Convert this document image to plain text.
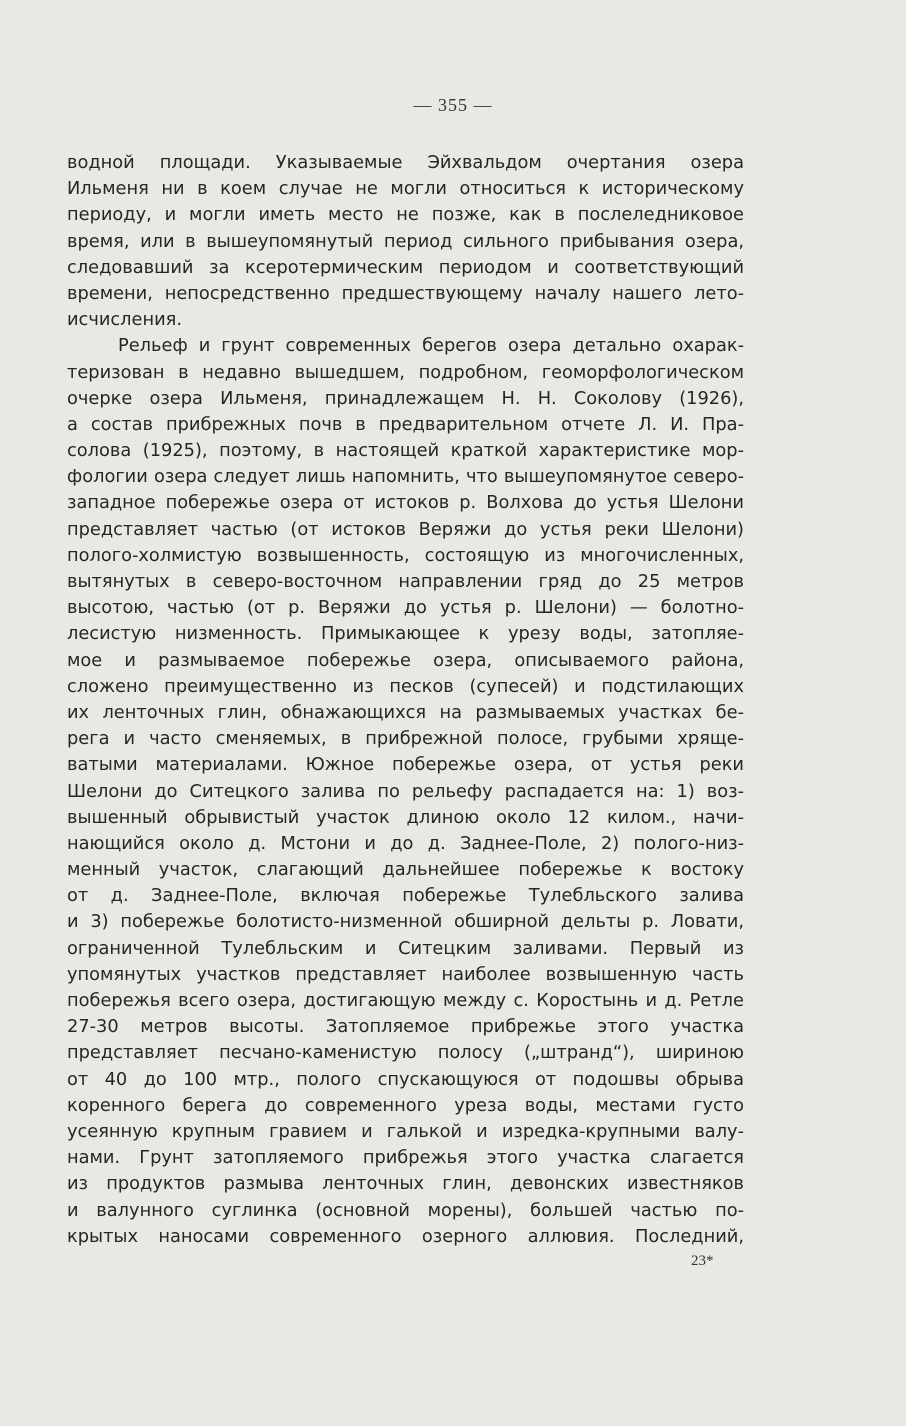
— 355 —
водной площади. Указываемые Эйхвальдом очертания озера
Ильменя ни в коем случае не могли относиться к историческому
периоду, и могли иметь место не позже, как в послеледниковое
время, или в вышеупомянутый период сильного прибывания озера,
следовавший за ксеротермическим периодом и соответствующий
времени, непосредственно предшествующему началу нашего лето-
исчисления.
Рельеф и грунт современных берегов озера детально охарак-
теризован в недавно вышедшем, подробном, геоморфологическом
очерке озера Ильменя, принадлежащем Н. Н. Соколову (1926),
а состав прибрежных почв в предварительном отчете Л. И. Пра-
солова (1925), поэтому, в настоящей краткой характеристике мор-
фологии озера следует лишь напомнить, что вышеупомянутое северо-
западное побережье озера от истоков р. Волхова до устья Шелони
представляет частью (от истоков Веряжи до устья реки Шелони)
полого-холмистую возвышенность, состоящую из многочисленных,
вытянутых в северо-восточном направлении гряд до 25 метров
высотою, частью (от р. Веряжи до устья р. Шелони) — болотно-
лесистую низменность. Примыкающее к урезу воды, затопляе-
мое и размываемое побережье озера, описываемого района,
сложено преимущественно из песков (супесей) и подстилающих
их ленточных глин, обнажающихся на размываемых участках бе-
рега и часто сменяемых, в прибрежной полосе, грубыми хряще-
ватыми материалами. Южное побережье озера, от устья реки
Шелони до Ситецкого залива по рельефу распадается на: 1) воз-
вышенный обрывистый участок длиною около 12 килом., начи-
нающийся около д. Мстони и до д. Заднее-Поле, 2) полого-низ-
менный участок, слагающий дальнейшее побережье к востоку
от д. Заднее-Поле, включая побережье Тулебльского залива
и 3) побережье болотисто-низменной обширной дельты р. Ловати,
ограниченной Тулебльским и Ситецким заливами. Первый из
упомянутых участков представляет наиболее возвышенную часть
побережья всего озера, достигающую между с. Коростынь и д. Ретле
27-30 метров высоты. Затопляемое прибрежье этого участка
представляет песчано-каменистую полосу („штранд“), шириною
от 40 до 100 мтр., полого спускающуюся от подошвы обрыва
коренного берега до современного уреза воды, местами густо
усеянную крупным гравием и галькой и изредка-крупными валу-
нами. Грунт затопляемого прибрежья этого участка слагается
из продуктов размыва ленточных глин, девонских известняков
и валунного суглинка (основной морены), большей частью по-
крытых наносами современного озерного аллювия. Последний,
23*
